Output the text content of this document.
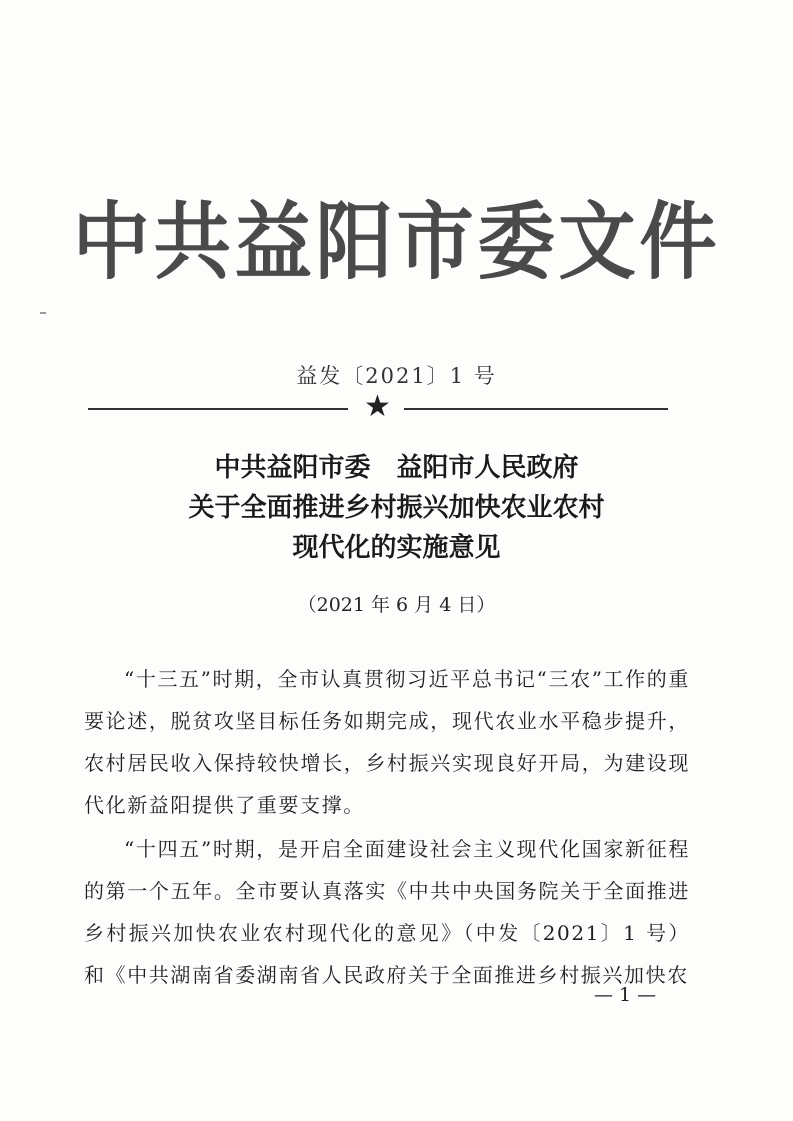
中共益阳市委文件
益发〔2021〕1 号
★
中共益阳市委　益阳市人民政府
关于全面推进乡村振兴加快农业农村
现代化的实施意见
（2021 年 6 月 4 日）

“十三五”时期，全市认真贯彻习近平总书记“三农”工作的重要论述，脱贫攻坚目标任务如期完成，现代农业水平稳步提升，农村居民收入保持较快增长，乡村振兴实现良好开局，为建设现代化新益阳提供了重要支撑。

“十四五”时期，是开启全面建设社会主义现代化国家新征程的第一个五年。全市要认真落实《中共中央国务院关于全面推进乡村振兴加快农业农村现代化的意见》（中发〔2021〕1 号）和《中共湖南省委湖南省人民政府关于全面推进乡村振兴加快农

— 1 —
